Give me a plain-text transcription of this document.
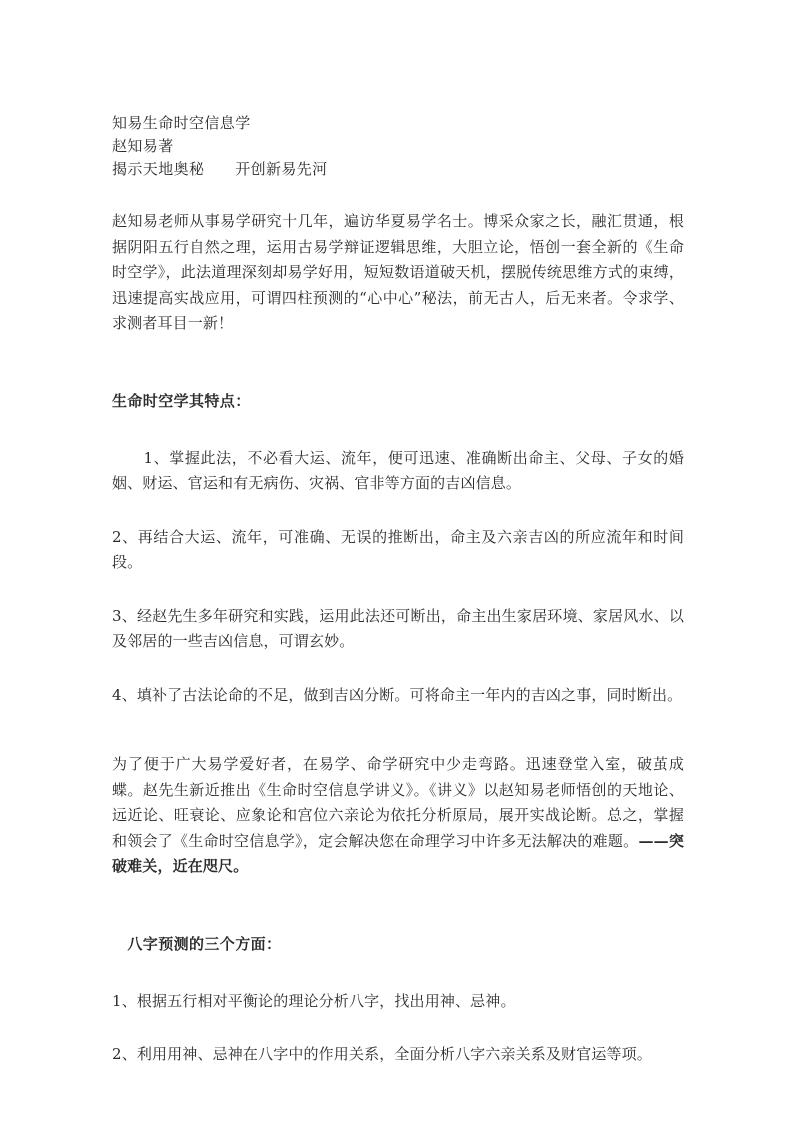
知易生命时空信息学
赵知易著
揭示天地奥秘　　开创新易先河
赵知易老师从事易学研究十几年，遍访华夏易学名士。博采众家之长，融汇贯通，根据阴阳五行自然之理，运用古易学辩证逻辑思维，大胆立论，悟创一套全新的《生命时空学》，此法道理深刻却易学好用，短短数语道破天机，摆脱传统思维方式的束缚，迅速提高实战应用，可谓四柱预测的“心中心”秘法，前无古人，后无来者。令求学、求测者耳目一新！
生命时空学其特点：
1、掌握此法，不必看大运、流年，便可迅速、准确断出命主、父母、子女的婚姻、财运、官运和有无病伤、灾祸、官非等方面的吉凶信息。
2、再结合大运、流年，可准确、无误的推断出，命主及六亲吉凶的所应流年和时间段。
3、经赵先生多年研究和实践，运用此法还可断出，命主出生家居环境、家居风水、以及邻居的一些吉凶信息，可谓玄妙。
4、填补了古法论命的不足，做到吉凶分断。可将命主一年内的吉凶之事，同时断出。
为了便于广大易学爱好者，在易学、命学研究中少走弯路。迅速登堂入室，破茧成蝶。赵先生新近推出《生命时空信息学讲义》。《讲义》以赵知易老师悟创的天地论、远近论、旺衰论、应象论和宫位六亲论为依托分析原局，展开实战论断。总之，掌握和领会了《生命时空信息学》，定会解决您在命理学习中许多无法解决的难题。——突破难关，近在咫尺。
　八字预测的三个方面：
1、根据五行相对平衡论的理论分析八字，找出用神、忌神。
2、利用用神、忌神在八字中的作用关系，全面分析八字六亲关系及财官运等项。
